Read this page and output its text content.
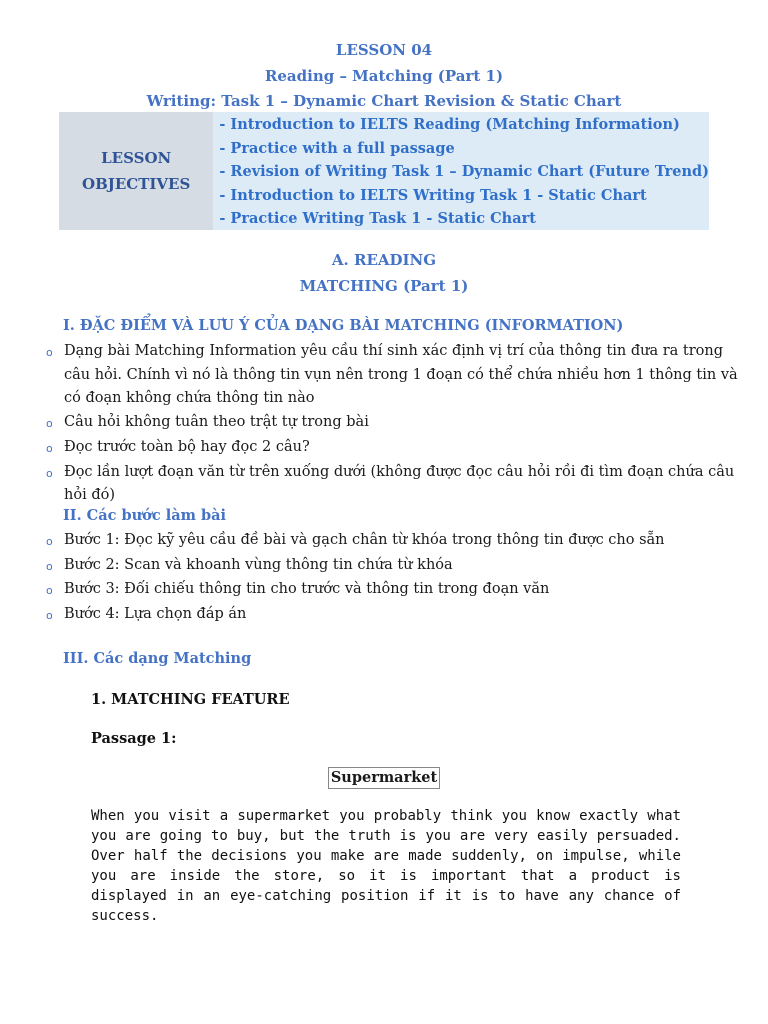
LESSON 04
Reading – Matching (Part 1)
Writing: Task 1 – Dynamic Chart Revision & Static Chart
LESSON
OBJECTIVES
- Introduction to IELTS Reading (Matching Information)
- Practice with a full passage
- Revision of Writing Task 1 – Dynamic Chart (Future Trend)
- Introduction to IELTS Writing Task 1 - Static Chart
- Practice Writing Task 1 - Static Chart
A. READING
MATCHING (Part 1)
I. ĐẶC ĐIỂM VÀ LƯU Ý CỦA DẠNG BÀI MATCHING (INFORMATION)
o Dạng bài Matching Information yêu cầu thí sinh xác định vị trí của thông tin đưa ra trong câu hỏi. Chính vì nó là thông tin vụn nên trong 1 đoạn có thể chứa nhiều hơn 1 thông tin và có đoạn không chứa thông tin nào
o Câu hỏi không tuân theo trật tự trong bài
o Đọc trước toàn bộ hay đọc 2 câu?
o Đọc lần lượt đoạn văn từ trên xuống dưới (không được đọc câu hỏi rồi đi tìm đoạn chứa câu hỏi đó)
II. Các bước làm bài
o Bước 1: Đọc kỹ yêu cầu đề bài và gạch chân từ khóa trong thông tin được cho sẵn
o Bước 2: Scan và khoanh vùng thông tin chứa từ khóa
o Bước 3: Đối chiếu thông tin cho trước và thông tin trong đoạn văn
o Bước 4: Lựa chọn đáp án
III. Các dạng Matching
1. MATCHING FEATURE
Passage 1:
Supermarket
When you visit a supermarket you probably think you know exactly what you are going to buy, but the truth is you are very easily persuaded. Over half the decisions you make are made suddenly, on impulse, while you are inside the store, so it is important that a product is displayed in an eye-catching position if it is to have any chance of success.
